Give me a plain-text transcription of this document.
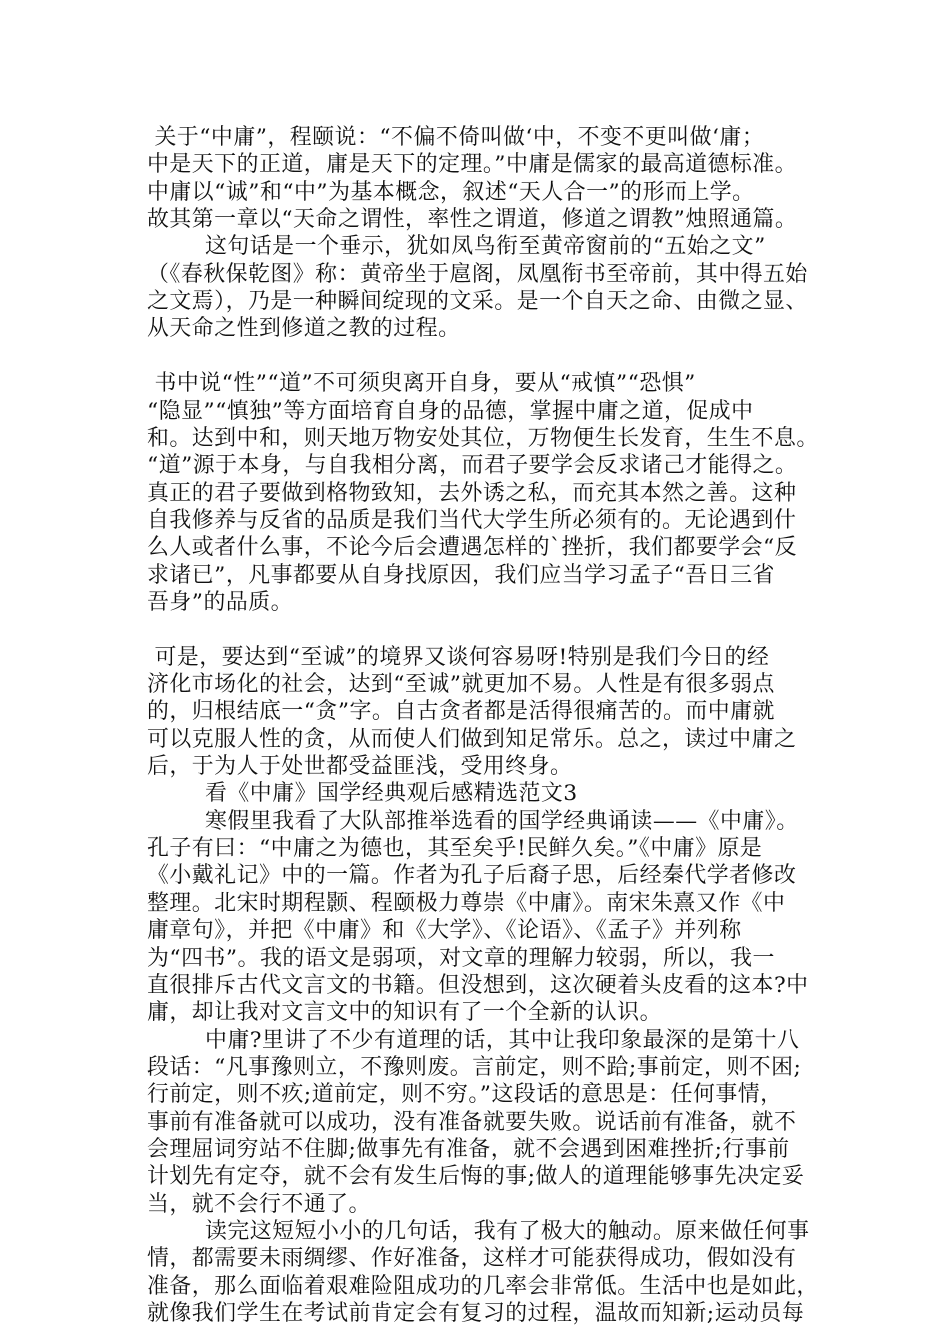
关于“中庸”，程颐说：“不偏不倚叫做‘中，不变不更叫做‘庸；
中是天下的正道，庸是天下的定理。”中庸是儒家的最高道德标准。
中庸以“诚”和“中”为基本概念，叙述“天人合一”的形而上学。
故其第一章以“天命之谓性，率性之谓道，修道之谓教”烛照通篇。
这句话是一个垂示，犹如凤鸟衔至黄帝窗前的“五始之文”
（《春秋保乾图》称：黄帝坐于扈阁，凤凰衔书至帝前，其中得五始
之文焉），乃是一种瞬间绽现的文采。是一个自天之命、由微之显、
从天命之性到修道之教的过程。
书中说“性”“道”不可须臾离开自身，要从“戒慎”“恐惧”
“隐显”“慎独”等方面培育自身的品德，掌握中庸之道，促成中
和。达到中和，则天地万物安处其位，万物便生长发育，生生不息。
“道”源于本身，与自我相分离，而君子要学会反求诸己才能得之。
真正的君子要做到格物致知，去外诱之私，而充其本然之善。这种
自我修养与反省的品质是我们当代大学生所必须有的。无论遇到什
么人或者什么事，不论今后会遭遇怎样的`挫折，我们都要学会“反
求诸已”，凡事都要从自身找原因，我们应当学习孟子“吾日三省
吾身”的品质。
可是，要达到“至诚”的境界又谈何容易呀!特别是我们今日的经
济化市场化的社会，达到“至诚”就更加不易。人性是有很多弱点
的，归根结底一“贪”字。自古贪者都是活得很痛苦的。而中庸就
可以克服人性的贪，从而使人们做到知足常乐。总之，读过中庸之
后，于为人于处世都受益匪浅，受用终身。
看《中庸》国学经典观后感精选范文3
寒假里我看了大队部推举选看的国学经典诵读——《中庸》。
孔子有曰：“中庸之为德也，其至矣乎!民鲜久矣。”《中庸》原是
《小戴礼记》中的一篇。作者为孔子后裔子思，后经秦代学者修改
整理。北宋时期程颢、程颐极力尊崇《中庸》。南宋朱熹又作《中
庸章句》，并把《中庸》和《大学》、《论语》、《孟子》并列称
为“四书”。我的语文是弱项，对文章的理解力较弱，所以，我一
直很排斥古代文言文的书籍。但没想到，这次硬着头皮看的这本?中
庸，却让我对文言文中的知识有了一个全新的认识。
中庸?里讲了不少有道理的话，其中让我印象最深的是第十八
段话：“凡事豫则立，不豫则废。言前定，则不跲;事前定，则不困;
行前定，则不疚;道前定，则不穷。”这段话的意思是：任何事情，
事前有准备就可以成功，没有准备就要失败。说话前有准备，就不
会理屈词穷站不住脚;做事先有准备，就不会遇到困难挫折;行事前
计划先有定夺，就不会有发生后悔的事;做人的道理能够事先决定妥
当，就不会行不通了。
读完这短短小小的几句话，我有了极大的触动。原来做任何事
情，都需要未雨绸缪、作好准备，这样才可能获得成功，假如没有
准备，那么面临着艰难险阻成功的几率会非常低。生活中也是如此，
就像我们学生在考试前肯定会有复习的过程，温故而知新;运动员每
